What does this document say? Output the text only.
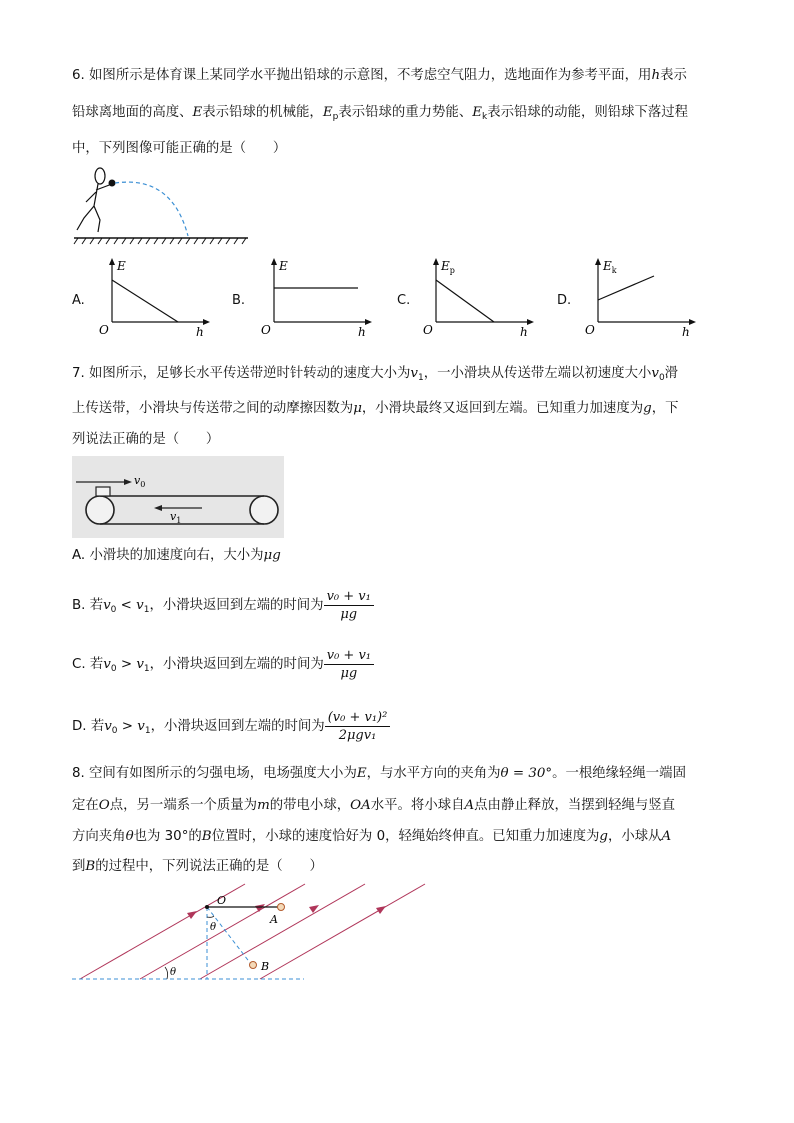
6. 如图所示是体育课上某同学水平抛出铅球的示意图，不考虑空气阻力，选地面作为参考平面，用h表示
铅球离地面的高度、E表示铅球的机械能，$E_p$表示铅球的重力势能、$E_k$表示铅球的动能，则铅球下落过程
中，下列图像可能正确的是（　　）
A.
E
O	h
B.
E
O	h
C.
$E_p$
O	h
D.
$E_k$
O	h
7. 如图所示，足够长水平传送带逆时针转动的速度大小为$v_1$，一小滑块从传送带左端以初速度大小$v_0$滑
上传送带，小滑块与传送带之间的动摩擦因数为μ，小滑块最终又返回到左端。已知重力加速度为g，下
列说法正确的是（　　）
$v_0$
$v_1$
A. 小滑块的加速度向右，大小为μg
B. 若$v_0 < v_1$，小滑块返回到左端的时间为 $\frac{\text{v₀ + v₁}}{\mu g}$
C. 若$v_0 > v_1$，小滑块返回到左端的时间为 $\frac{\text{v₀ + v₁}}{\mu g}$
D. 若$v_0 > v_1$，小滑块返回到左端的时间为 $\frac{\text{(v₀ + v₁)²}}{\text{2μgv₁}}$
8. 空间有如图所示的匀强电场，电场强度大小为E，与水平方向的夹角为θ = 30°。一根绝缘轻绳一端固
定在O点，另一端系一个质量为m的带电小球，OA水平。将小球自A点由静止释放，当摆到轻绳与竖直
方向夹角θ也为 30°的B位置时，小球的速度恰好为 0，轻绳始终伸直。已知重力加速度为g，小球从A
到B的过程中，下列说法正确的是（　　）
O
A
B
θ
θ
